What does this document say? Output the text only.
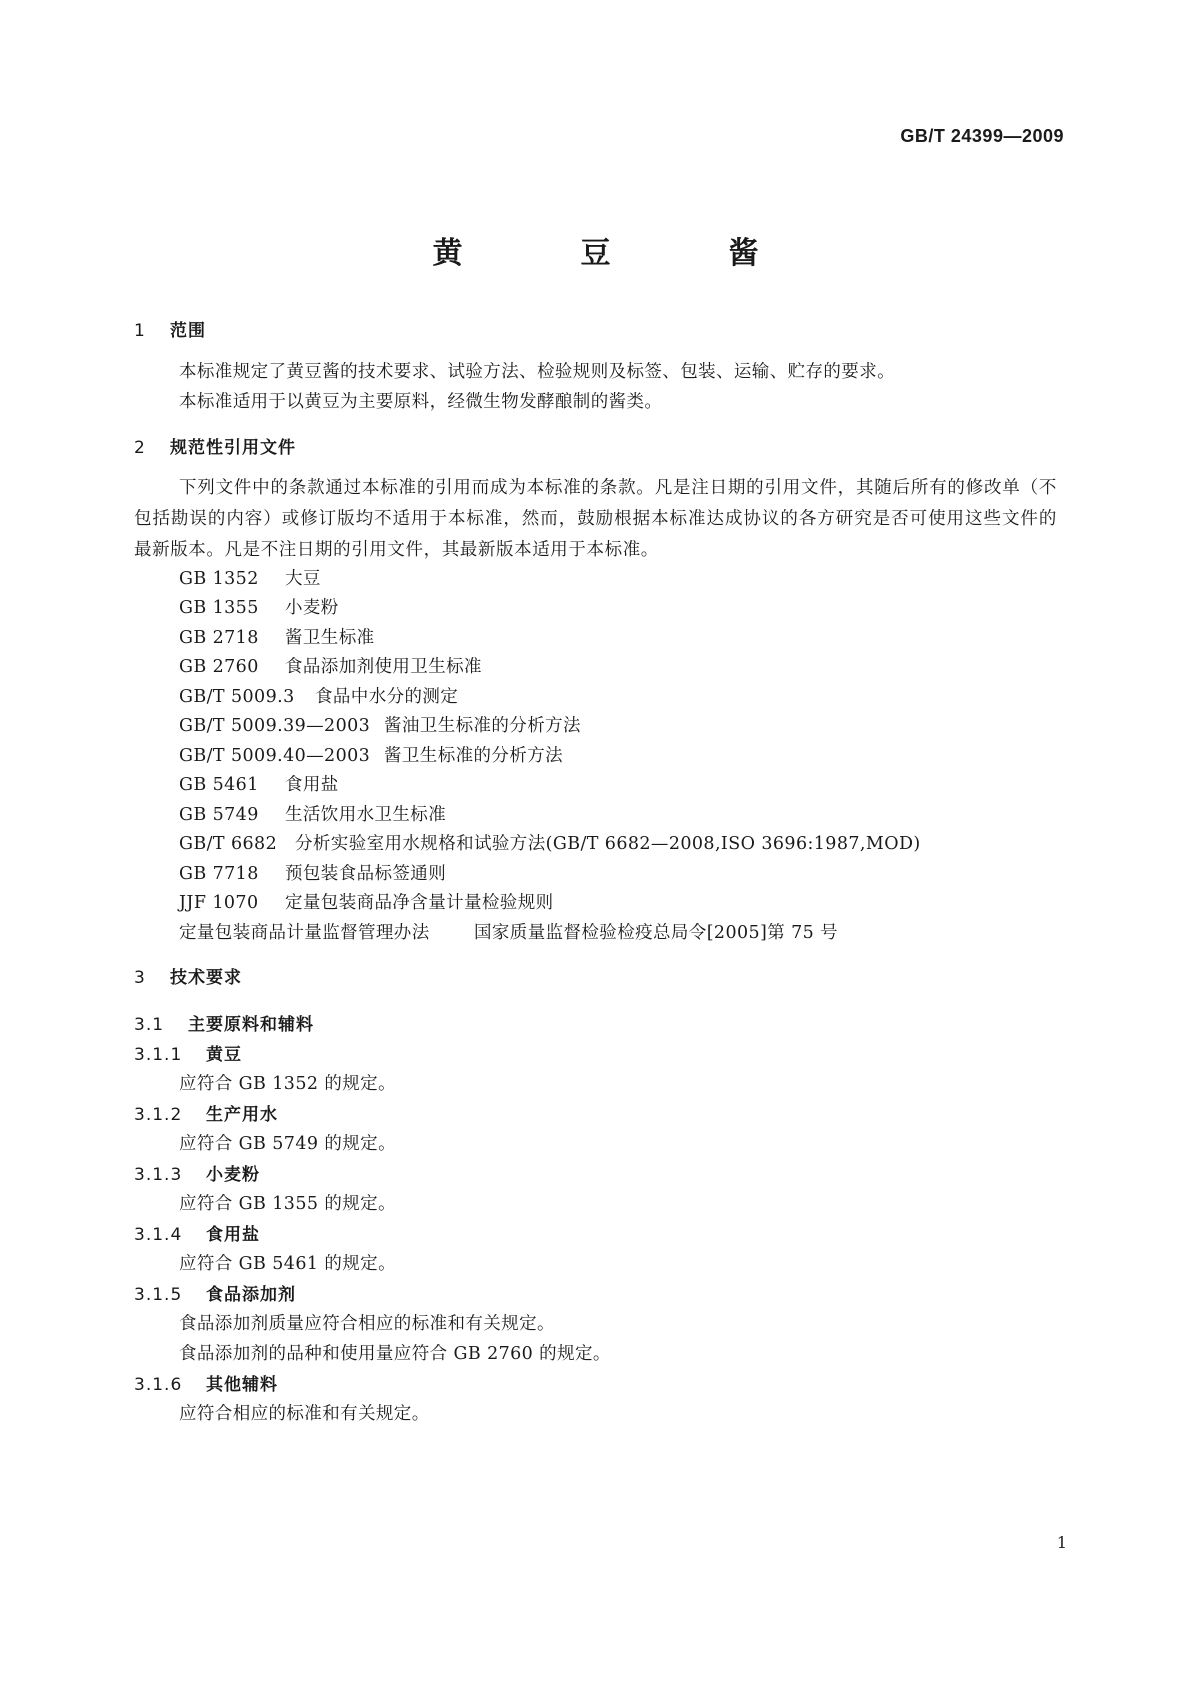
GB/T 24399—2009
黄　豆　酱
1 范围
本标准规定了黄豆酱的技术要求、试验方法、检验规则及标签、包装、运输、贮存的要求。
本标准适用于以黄豆为主要原料，经微生物发酵酿制的酱类。
2 规范性引用文件
下列文件中的条款通过本标准的引用而成为本标准的条款。凡是注日期的引用文件，其随后所有的修改单（不包括勘误的内容）或修订版均不适用于本标准，然而，鼓励根据本标准达成协议的各方研究是否可使用这些文件的最新版本。凡是不注日期的引用文件，其最新版本适用于本标准。
GB 1352 大豆
GB 1355 小麦粉
GB 2718 酱卫生标准
GB 2760 食品添加剂使用卫生标准
GB/T 5009.3 食品中水分的测定
GB/T 5009.39—2003 酱油卫生标准的分析方法
GB/T 5009.40—2003 酱卫生标准的分析方法
GB 5461 食用盐
GB 5749 生活饮用水卫生标准
GB/T 6682 分析实验室用水规格和试验方法(GB/T 6682—2008,ISO 3696:1987,MOD)
GB 7718 预包装食品标签通则
JJF 1070 定量包装商品净含量计量检验规则
定量包装商品计量监督管理办法	国家质量监督检验检疫总局令[2005]第 75 号
3 技术要求
3.1 主要原料和辅料
3.1.1 黄豆
应符合 GB 1352 的规定。
3.1.2 生产用水
应符合 GB 5749 的规定。
3.1.3 小麦粉
应符合 GB 1355 的规定。
3.1.4 食用盐
应符合 GB 5461 的规定。
3.1.5 食品添加剂
食品添加剂质量应符合相应的标准和有关规定。
食品添加剂的品种和使用量应符合 GB 2760 的规定。
3.1.6 其他辅料
应符合相应的标准和有关规定。
1
